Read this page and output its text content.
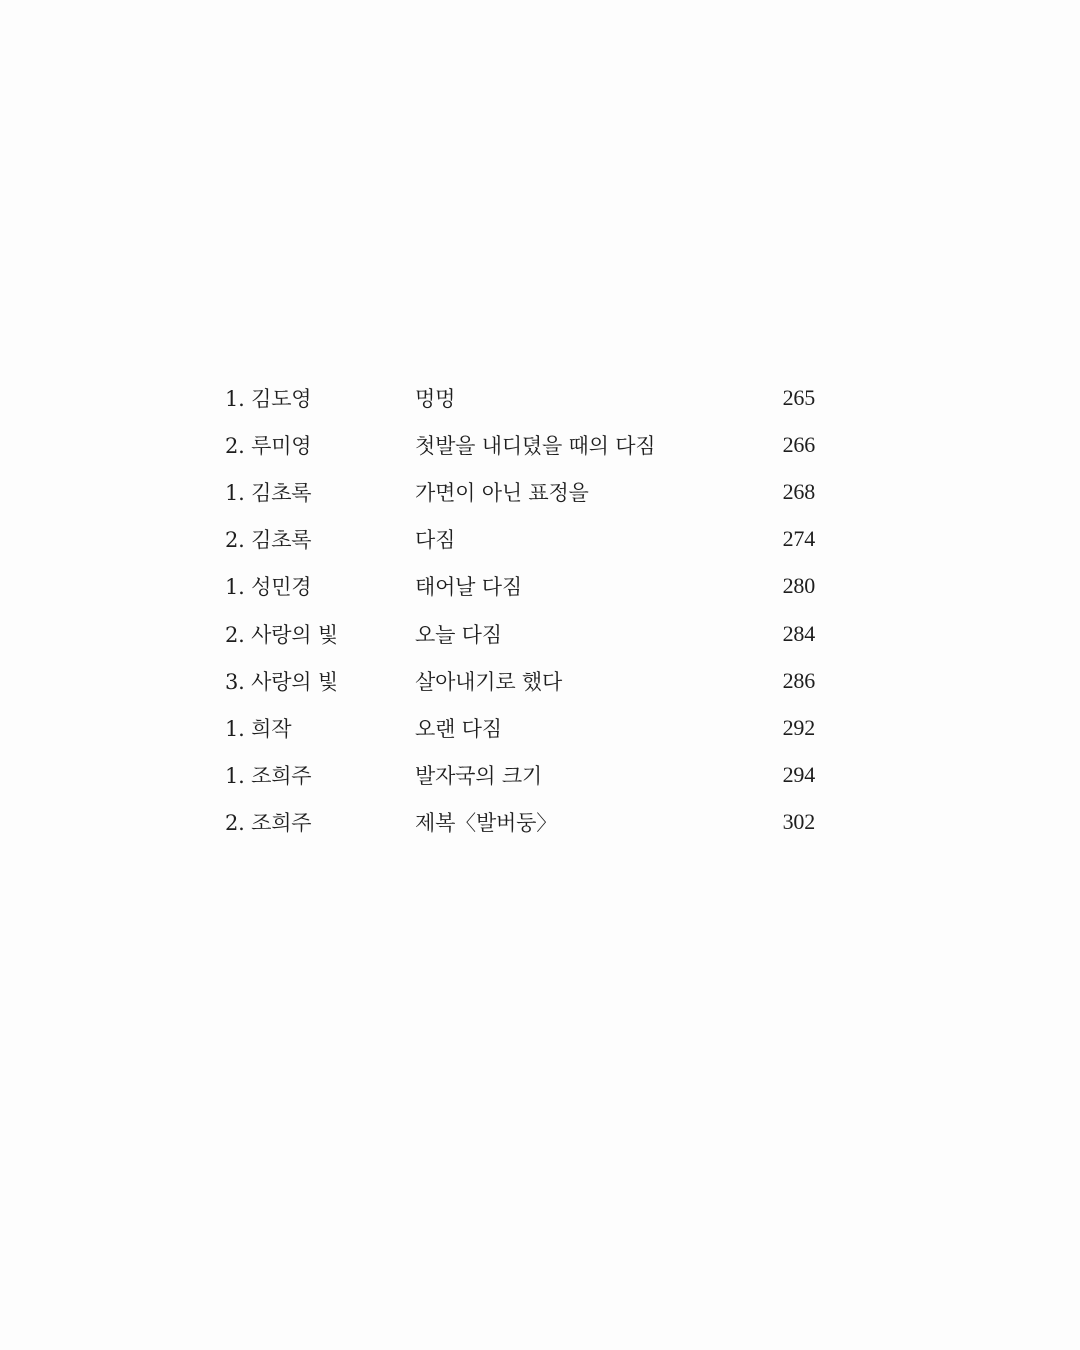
1. 김도영	멍멍	265
2. 루미영	첫발을 내디뎠을 때의 다짐	266
1. 김초록	가면이 아닌 표정을	268
2. 김초록	다짐	274
1. 성민경	태어날 다짐	280
2. 사랑의 빛	오늘 다짐	284
3. 사랑의 빛	살아내기로 했다	286
1. 희작	오랜 다짐	292
1. 조희주	발자국의 크기	294
2. 조희주	제복〈발버둥〉	302
